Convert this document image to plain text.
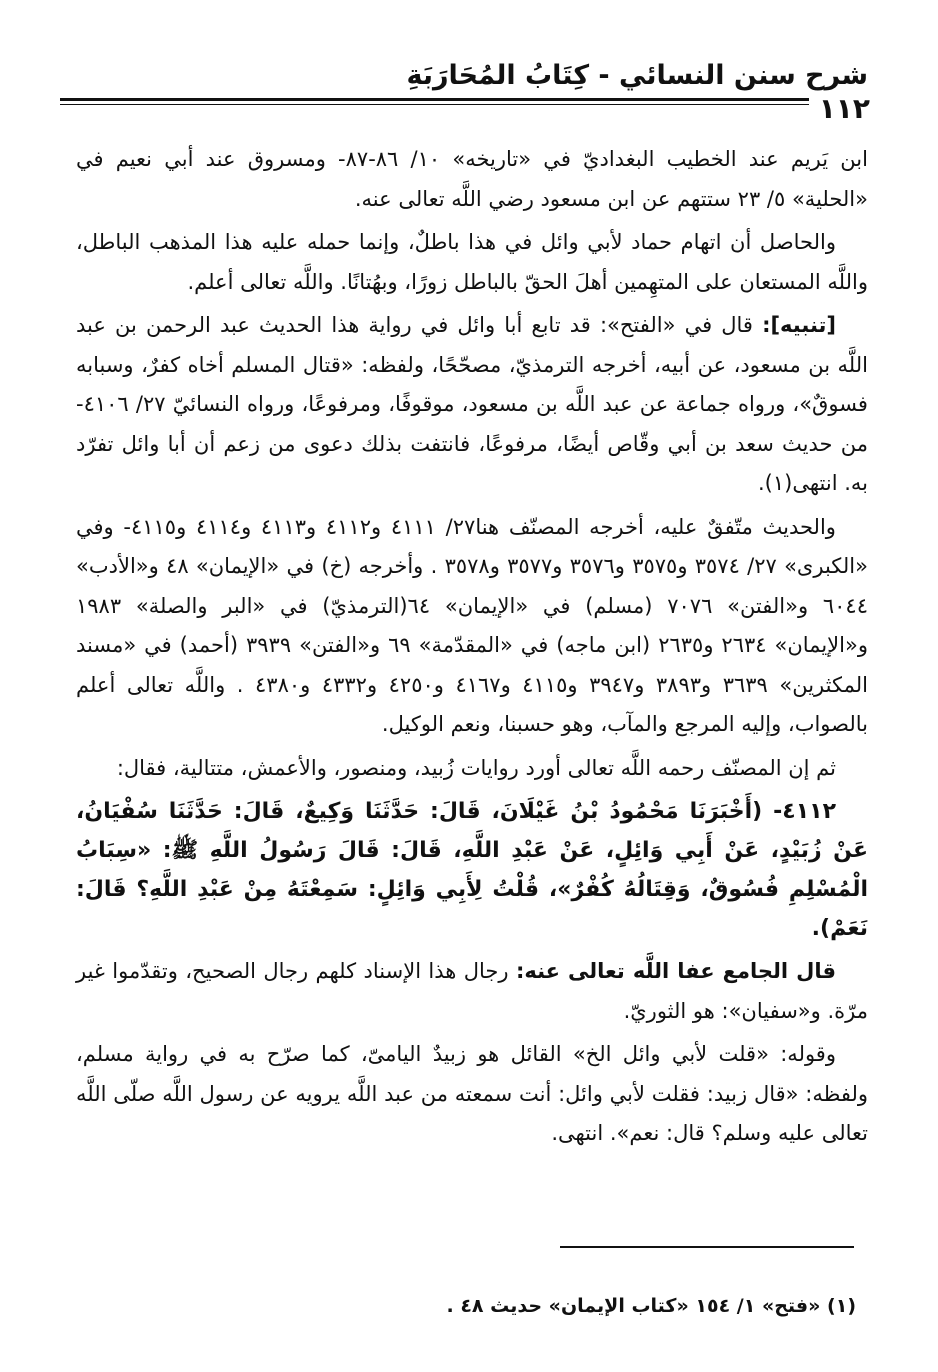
شرح سنن النسائي - كِتَابُ المُحَارَبَةِ
١١٢

ابن يَريم عند الخطيب البغداديّ في «تاريخه» ١٠/ ٨٦-٨٧- ومسروق عند أبي نعيم في «الحلية» ٥/ ٢٣ ستتهم عن ابن مسعود رضي اللَّه تعالى عنه.

والحاصل أن اتهام حماد لأبي وائل في هذا باطلٌ، وإنما حمله عليه هذا المذهب الباطل، واللَّه المستعان على المتهِمين أهلَ الحقّ بالباطل زورًا، وبهُتانًا. واللَّه تعالى أعلم.

[تنبيه]: قال في «الفتح»: قد تابع أبا وائل في رواية هذا الحديث عبد الرحمن بن عبد اللَّه بن مسعود، عن أبيه، أخرجه الترمذيّ، مصحّحًا، ولفظه: «قتال المسلم أخاه كفرٌ، وسبابه فسوقٌ»، ورواه جماعة عن عبد اللَّه بن مسعود، موقوفًا، ومرفوعًا، ورواه النسائيّ ٢٧/ ٤١٠٦- من حديث سعد بن أبي وقّاص أيضًا، مرفوعًا، فانتفت بذلك دعوى من زعم أن أبا وائل تفرّد به. انتهى(١).

والحديث متّفقٌ عليه، أخرجه المصنّف هنا٢٧/ ٤١١١ و٤١١٢ و٤١١٣ و٤١١٤ و٤١١٥- وفي «الكبرى» ٢٧/ ٣٥٧٤ و٣٥٧٥ و٣٥٧٦ و٣٥٧٧ و٣٥٧٨ . وأخرجه (خ) في «الإيمان» ٤٨ و«الأدب» ٦٠٤٤ و«الفتن» ٧٠٧٦ (مسلم) في «الإيمان» ٦٤(الترمذيّ) في «البر والصلة» ١٩٨٣ و«الإيمان» ٢٦٣٤ و٢٦٣٥ (ابن ماجه) في «المقدّمة» ٦٩ و«الفتن» ٣٩٣٩ (أحمد) في «مسند المكثرين» ٣٦٣٩ و٣٨٩٣ و٣٩٤٧ و٤١١٥ و٤١٦٧ و٤٢٥٠ و٤٣٣٢ و٤٣٨٠ . واللَّه تعالى أعلم بالصواب، وإليه المرجع والمآب، وهو حسبنا، ونعم الوكيل.

ثم إن المصنّف رحمه اللَّه تعالى أورد روايات زُبيد، ومنصور، والأعمش، متتالية، فقال:

٤١١٢- (أَخْبَرَنَا مَحْمُودُ بْنُ غَيْلَانَ، قَالَ: حَدَّثَنَا وَكِيعٌ، قَالَ: حَدَّثَنَا سُفْيَانُ، عَنْ زُبَيْدٍ، عَنْ أَبِي وَائِلٍ، عَنْ عَبْدِ اللَّهِ، قَالَ: قَالَ رَسُولُ اللَّهِ ﷺ: «سِبَابُ الْمُسْلِمِ فُسُوقٌ، وَقِتَالُهُ كُفْرٌ»، قُلْتُ لِأَبِي وَائِلٍ: سَمِعْتَهُ مِنْ عَبْدِ اللَّهِ؟ قَالَ: نَعَمْ).

قال الجامع عفا اللَّه تعالى عنه: رجال هذا الإسناد كلهم رجال الصحيح، وتقدّموا غير مرّة. و«سفيان»: هو الثوريّ.

وقوله: «قلت لأبي وائل الخ» القائل هو زبيدٌ اليامىّ، كما صرّح به في رواية مسلم، ولفظه: «قال زبيد: فقلت لأبي وائل: أنت سمعته من عبد اللَّه يرويه عن رسول اللَّه صلّى اللَّه تعالى عليه وسلم؟ قال: نعم». انتهى.

(١) «فتح» ١/ ١٥٤ «كتاب الإيمان» حديث ٤٨ .
